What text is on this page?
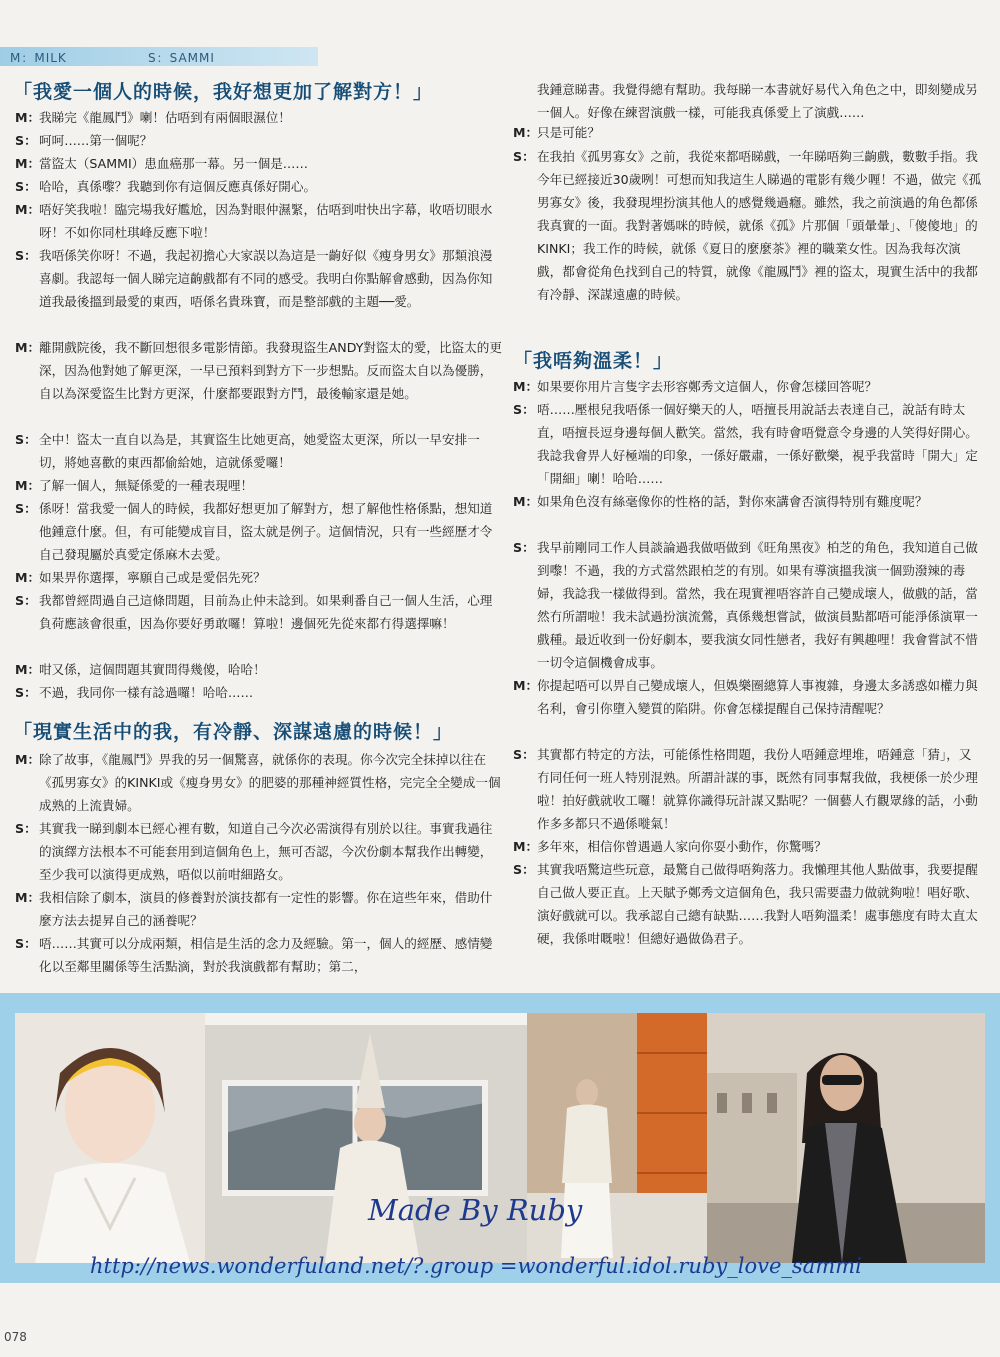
M：MILK	S：SAMMI
「我愛一個人的時候，我好想更加了解對方！」
「現實生活中的我，有冷靜、深謀遠慮的時候！」
「我唔夠溫柔！」
M：
我睇完《龍鳳鬥》喇！估唔到有兩個眼濕位！
S： 呵呵……第一個呢？
M：
當盜太（SAMMI）患血癌那一幕。另一個是……
S： 哈哈，真係嚟？我聽到你有這個反應真係好開心。
M：
唔好笑我啦！臨完場我好尷尬，因為對眼仲濕緊，估唔到咁快出字幕，收唔切眼水呀！不如你同杜琪峰反應下啦！
S： 我唔係笑你呀！不過，我起初擔心大家誤以為這是一齣好似《瘦身男女》那類浪漫喜劇。我認每一個人睇完這齣戲都有不同的感受。我明白你點解會感動，因為你知道我最後搵到最愛的東西，唔係名貴珠寶，而是整部戲的主題──愛。
M：
離開戲院後，我不斷回想很多電影情節。我發現盜生ANDY對盜太的愛，比盜太的更深，因為他對她了解更深，一早已預料到對方下一步想點。反而盜太自以為優勝，自以為深愛盜生比對方更深，什麼都要跟對方鬥，最後輸家還是她。
S： 全中！盜太一直自以為是，其實盜生比她更高，她愛盜太更深，所以一早安排一切，將她喜歡的東西都偷給她，這就係愛囉！
M：
了解一個人，無疑係愛的一種表現哩！
S： 係呀！當我愛一個人的時候，我都好想更加了解對方，想了解他性格係點，想知道他鍾意什麼。但，有可能變成盲目，盜太就是例子。這個情況，只有一些經歷才令自己發現屬於真愛定係麻木去愛。
M：
如果畀你選擇，寧願自己或是愛侶先死？
S： 我都曾經問過自己這條問題，目前為止仲未諗到。如果剩番自己一個人生活，心理負荷應該會很重，因為你要好勇敢囉！算啦！邊個死先從來都冇得選擇嘛！
M：
咁又係，這個問題其實問得幾傻，哈哈！
S： 不過，我同你一樣有諗過囉！哈哈……
M：
除了故事，《龍鳳鬥》畀我的另一個驚喜，就係你的表現。你今次完全抹掉以往在《孤男寡女》的KINKI或《瘦身男女》的肥婆的那種神經質性格，完完全全變成一個成熟的上流貴婦。
S： 其實我一睇到劇本已經心裡有數，知道自己今次必需演得有別於以往。事實我過往的演繹方法根本不可能套用到這個角色上，無可否認，今次份劇本幫我作出轉變，至少我可以演得更成熟，唔似以前咁細路女。
M：
我相信除了劇本，演員的修養對於演技都有一定性的影響。你在這些年來，借助什麼方法去提昇自己的涵養呢？
S： 唔……其實可以分成兩類，相信是生活的念力及經驗。第一，個人的經歷、感情變化以至鄰里關係等生活點滴，對於我演戲都有幫助；第二，
我鍾意睇書。我覺得總有幫助。我每睇一本書就好易代入角色之中，即刻變成另一個人。好像在練習演戲一樣，可能我真係愛上了演戲……
M：
只是可能？
S： 在我拍《孤男寡女》之前，我從來都唔睇戲，一年睇唔夠三齣戲，數數手指。我今年已經接近30歲咧！可想而知我這生人睇過的電影有幾少喱！不過，做完《孤男寡女》後，我發現埋扮演其他人的感覺幾過癮。雖然，我之前演過的角色都係我真實的一面。我對著媽咪的時候，就係《孤》片那個「頭暈暈」、「傻傻地」的KINKI；我工作的時候，就係《夏日的麼麼茶》裡的職業女性。因為我每次演戲，都會從角色找到自己的特質，就像《龍鳳鬥》裡的盜太，現實生活中的我都有冷靜、深謀遠慮的時候。
M：
如果要你用片言隻字去形容鄭秀文這個人，你會怎樣回答呢？
S： 唔……壓根兒我唔係一個好樂天的人，唔擅長用說話去表達自己，說話有時太直，唔擅長逗身邊每個人歡笑。當然，我有時會唔覺意令身邊的人笑得好開心。我諗我會畀人好極端的印象，一係好嚴肅，一係好歡樂，視乎我當時「開大」定「開細」喇！哈哈……
M：
如果角色沒有絲毫像你的性格的話，對你來講會否演得特別有難度呢？
S： 我早前剛同工作人員談論過我做唔做到《旺角黑夜》柏芝的角色，我知道自己做到嚟！不過，我的方式當然跟柏芝的有別。如果有導演搵我演一個勁潑辣的毒婦，我諗我一樣做得到。當然，我在現實裡唔容許自己變成壞人，做戲的話，當然冇所謂啦！我未試過扮演流鶯，真係幾想嘗試，做演員點都唔可能淨係演單一戲種。最近收到一份好劇本，要我演女同性戀者，我好有興趣哩！我會嘗試不惜一切令這個機會成事。
M：
你提起唔可以畀自己變成壞人，但娛樂圈總算人事複雜，身邊太多誘惑如權力與名利，會引你墮入變質的陷阱。你會怎樣提醒自己保持清醒呢？
S： 其實都冇特定的方法，可能係性格問題，我份人唔鍾意埋堆，唔鍾意「猜」，又冇同任何一班人特別混熟。所謂計謀的事，既然有同事幫我做，我梗係一於少理啦！拍好戲就收工囉！就算你識得玩計謀又點呢？一個藝人冇觀眾緣的話，小動作多多都只不過係嘥氣！
M：
多年來，相信你曾遇過人家向你耍小動作，你驚嗎？
S： 其實我唔驚這些玩意，最驚自己做得唔夠落力。我懶理其他人點做事，我要提醒自己做人要正直。上天賦予鄭秀文這個角色，我只需要盡力做就夠啦！唱好歌、演好戲就可以。我承認自己總有缺點……我對人唔夠溫柔！處事態度有時太直太硬，我係咁嘅啦！但總好過做偽君子。
Made By Ruby
http://news.wonderfuland.net/?.group =wonderful.idol.ruby_love_sammi
078
